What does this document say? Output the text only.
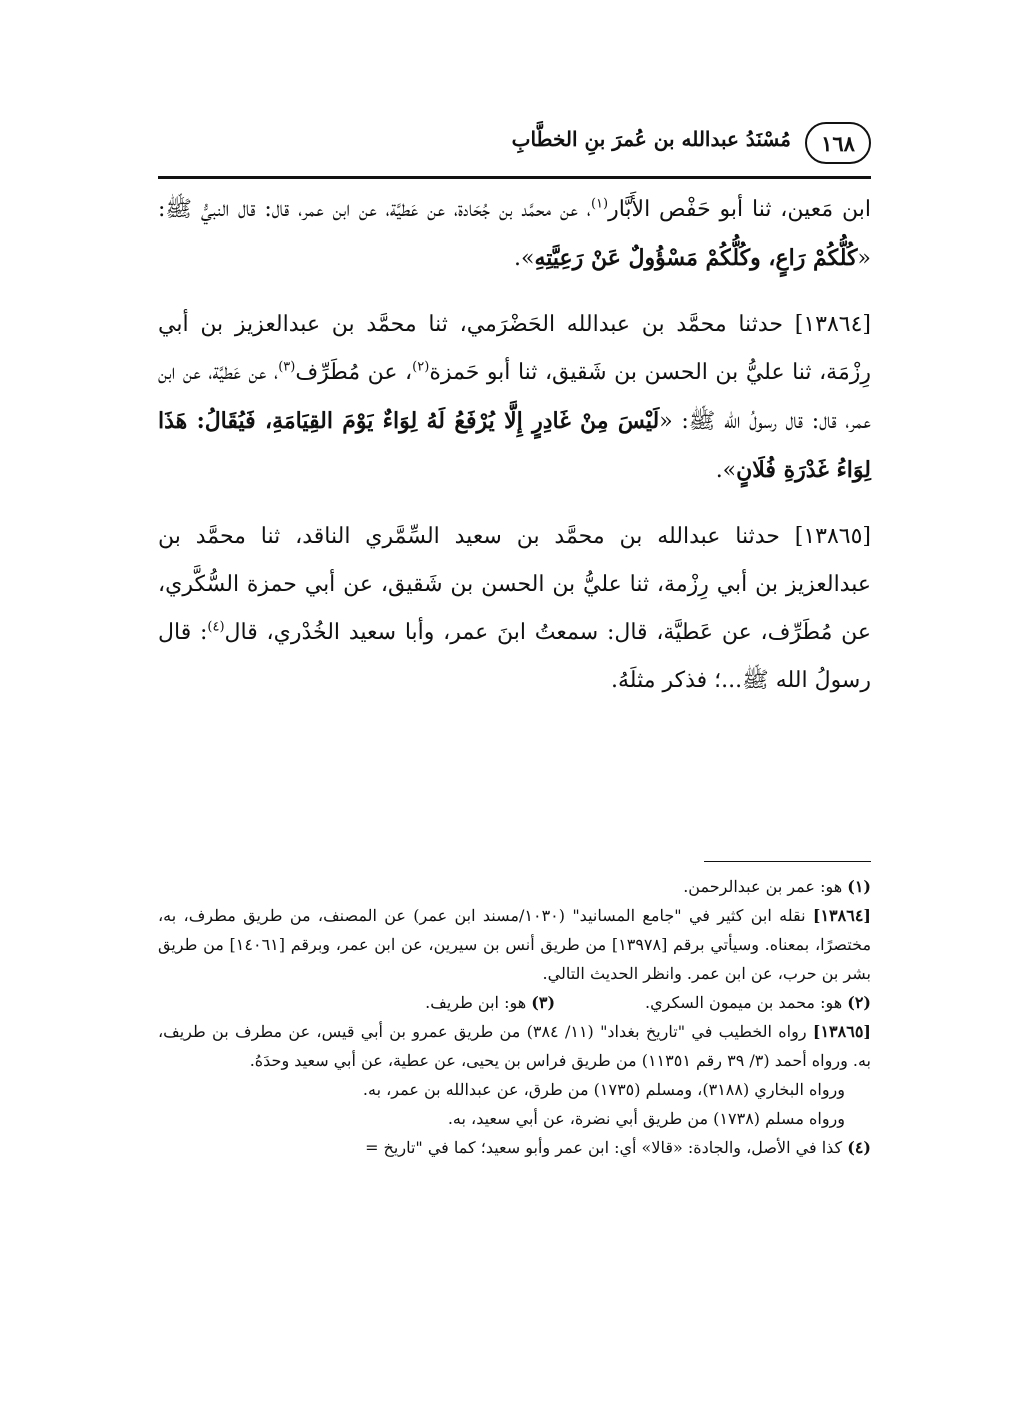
١٦٨
مُسْنَدُ عبدالله بن عُمرَ بنِ الخطَّابِ

ابن مَعين، ثنا أبو حَفْص الأَبَّار$^{(١)}$، عن محمَّد بن جُحَادة، عن عَطيَّة، عن ابن عمر، قال: قال النبيُّ ﷺ: «كُلُّكُمْ رَاعٍ، وكُلُّكُمْ مَسْؤُولٌ عَنْ رَعِيَّتِهِ».

[١٣٨٦٤] حدثنا محمَّد بن عبدالله الحَضْرَمي، ثنا محمَّد بن عبدالعزيز بن أبي رِزْمَة، ثنا عليُّ بن الحسن بن شَقيق، ثنا أبو حَمزة$^{(٢)}$، عن مُطَرِّف$^{(٣)}$، عن عَطيَّة، عن ابن عمر، قال: قال رسولُ الله ﷺ: «لَيْسَ مِنْ غَادِرٍ إِلَّا يُرْفَعُ لَهُ لِوَاءٌ يَوْمَ القِيَامَةِ، فَيُقَالُ: هَذَا لِوَاءُ غَدْرَةِ فُلَانٍ».

[١٣٨٦٥] حدثنا عبدالله بن محمَّد بن سعيد السِّمَّري الناقد، ثنا محمَّد بن عبدالعزيز بن أبي رِزْمة، ثنا عليُّ بن الحسن بن شَقيق، عن أبي حمزة السُّكَّري، عن مُطَرِّف، عن عَطيَّة، قال: سمعتُ ابنَ عمر، وأبا سعيد الخُدْري، قال$^{(٤)}$: قال رسولُ الله ﷺ...؛ فذكر مثلَهُ.

(١) هو: عمر بن عبدالرحمن.

[١٣٨٦٤] نقله ابن كثير في "جامع المسانيد" (١٠٣٠/مسند ابن عمر) عن المصنف، من طريق مطرف، به، مختصرًا، بمعناه. وسيأتي برقم [١٣٩٧٨] من طريق أنس بن سيرين، عن ابن عمر، وبرقم [١٤٠٦١] من طريق بشر بن حرب، عن ابن عمر. وانظر الحديث التالي.

(٢) هو: محمد بن ميمون السكري.
(٣) هو: ابن طريف.

[١٣٨٦٥] رواه الخطيب في "تاريخ بغداد" (١١/ ٣٨٤) من طريق عمرو بن أبي قيس، عن مطرف بن طريف، به. ورواه أحمد (٣/ ٣٩ رقم ١١٣٥١) من طريق فراس بن يحيى، عن عطية، عن أبي سعيد وحدَهُ.

ورواه البخاري (٣١٨٨)، ومسلم (١٧٣٥) من طرق، عن عبدالله بن عمر، به.

ورواه مسلم (١٧٣٨) من طريق أبي نضرة، عن أبي سعيد، به.

(٤) كذا في الأصل، والجادة: «قالا» أي: ابن عمر وأبو سعيد؛ كما في "تاريخ =
